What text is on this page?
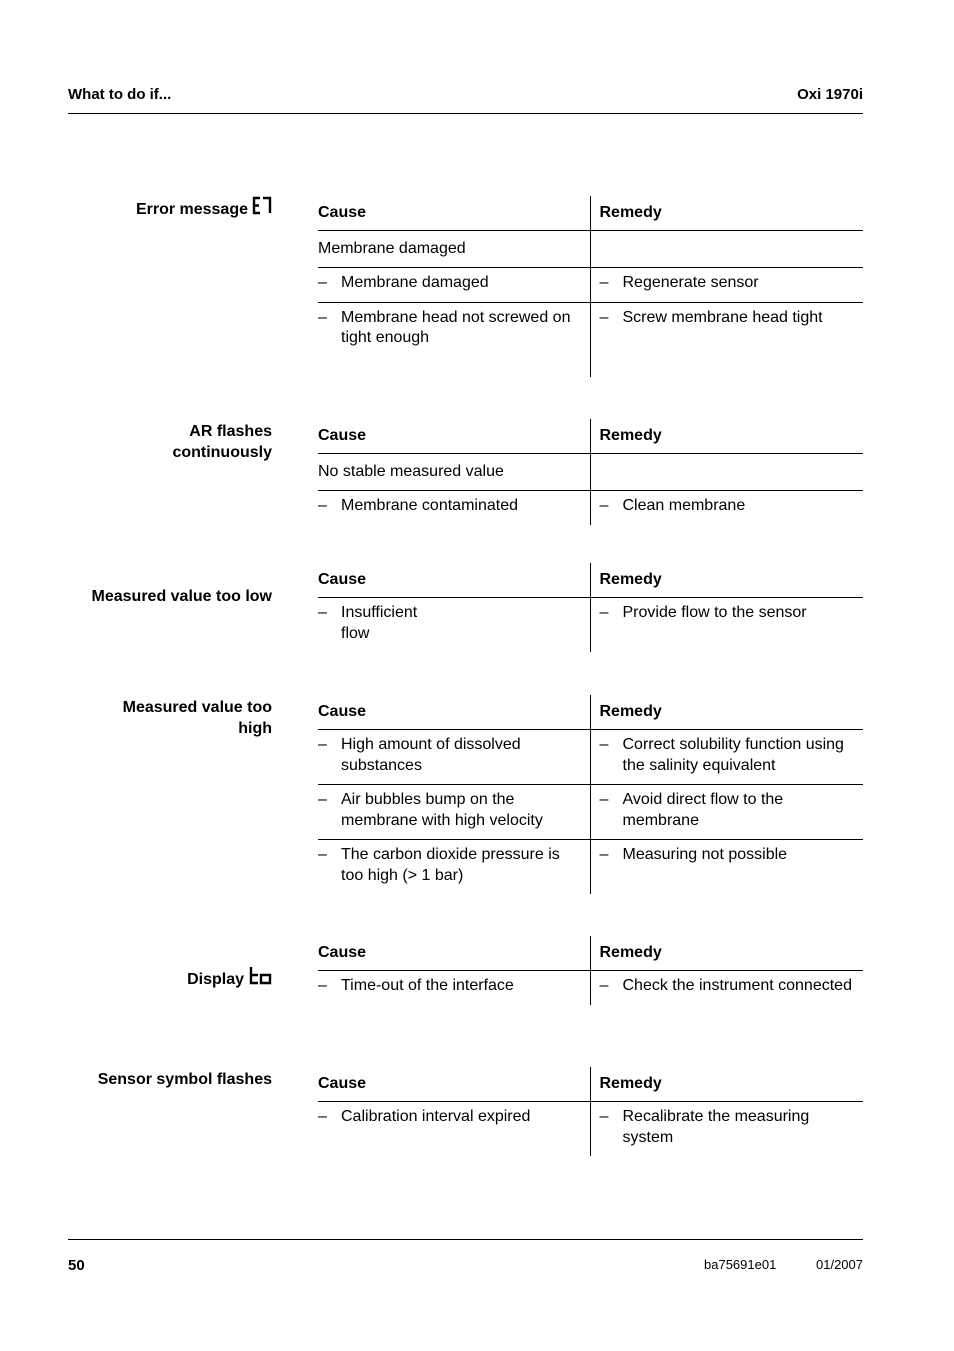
What to do if...	Oxi 1970i
Error message	Cause	Remedy
Membrane damaged	

– Membrane damaged	– Regenerate sensor

– Membrane head not screwed on tight enough	– Screw membrane head tight
AR flashes continuously
Cause	Remedy
No stable measured value	

– Membrane contaminated	– Clean membrane
Measured value too low
Cause	Remedy

– Insufficient
flow	– Provide flow to the sensor
Measured value too high
Cause	Remedy

– High amount of dissolved substances	– Correct solubility function using the salinity equivalent

– Air bubbles bump on the membrane with high velocity	– Avoid direct flow to the membrane

– The carbon dioxide pressure is too high (> 1 bar)	– Measuring not possible
Display
Cause	Remedy

– Time-out of the interface	– Check the instrument connected
Sensor symbol flashes	Cause	Remedy

– Calibration interval expired	– Recalibrate the measuring system
50	ba75691e01	01/2007
